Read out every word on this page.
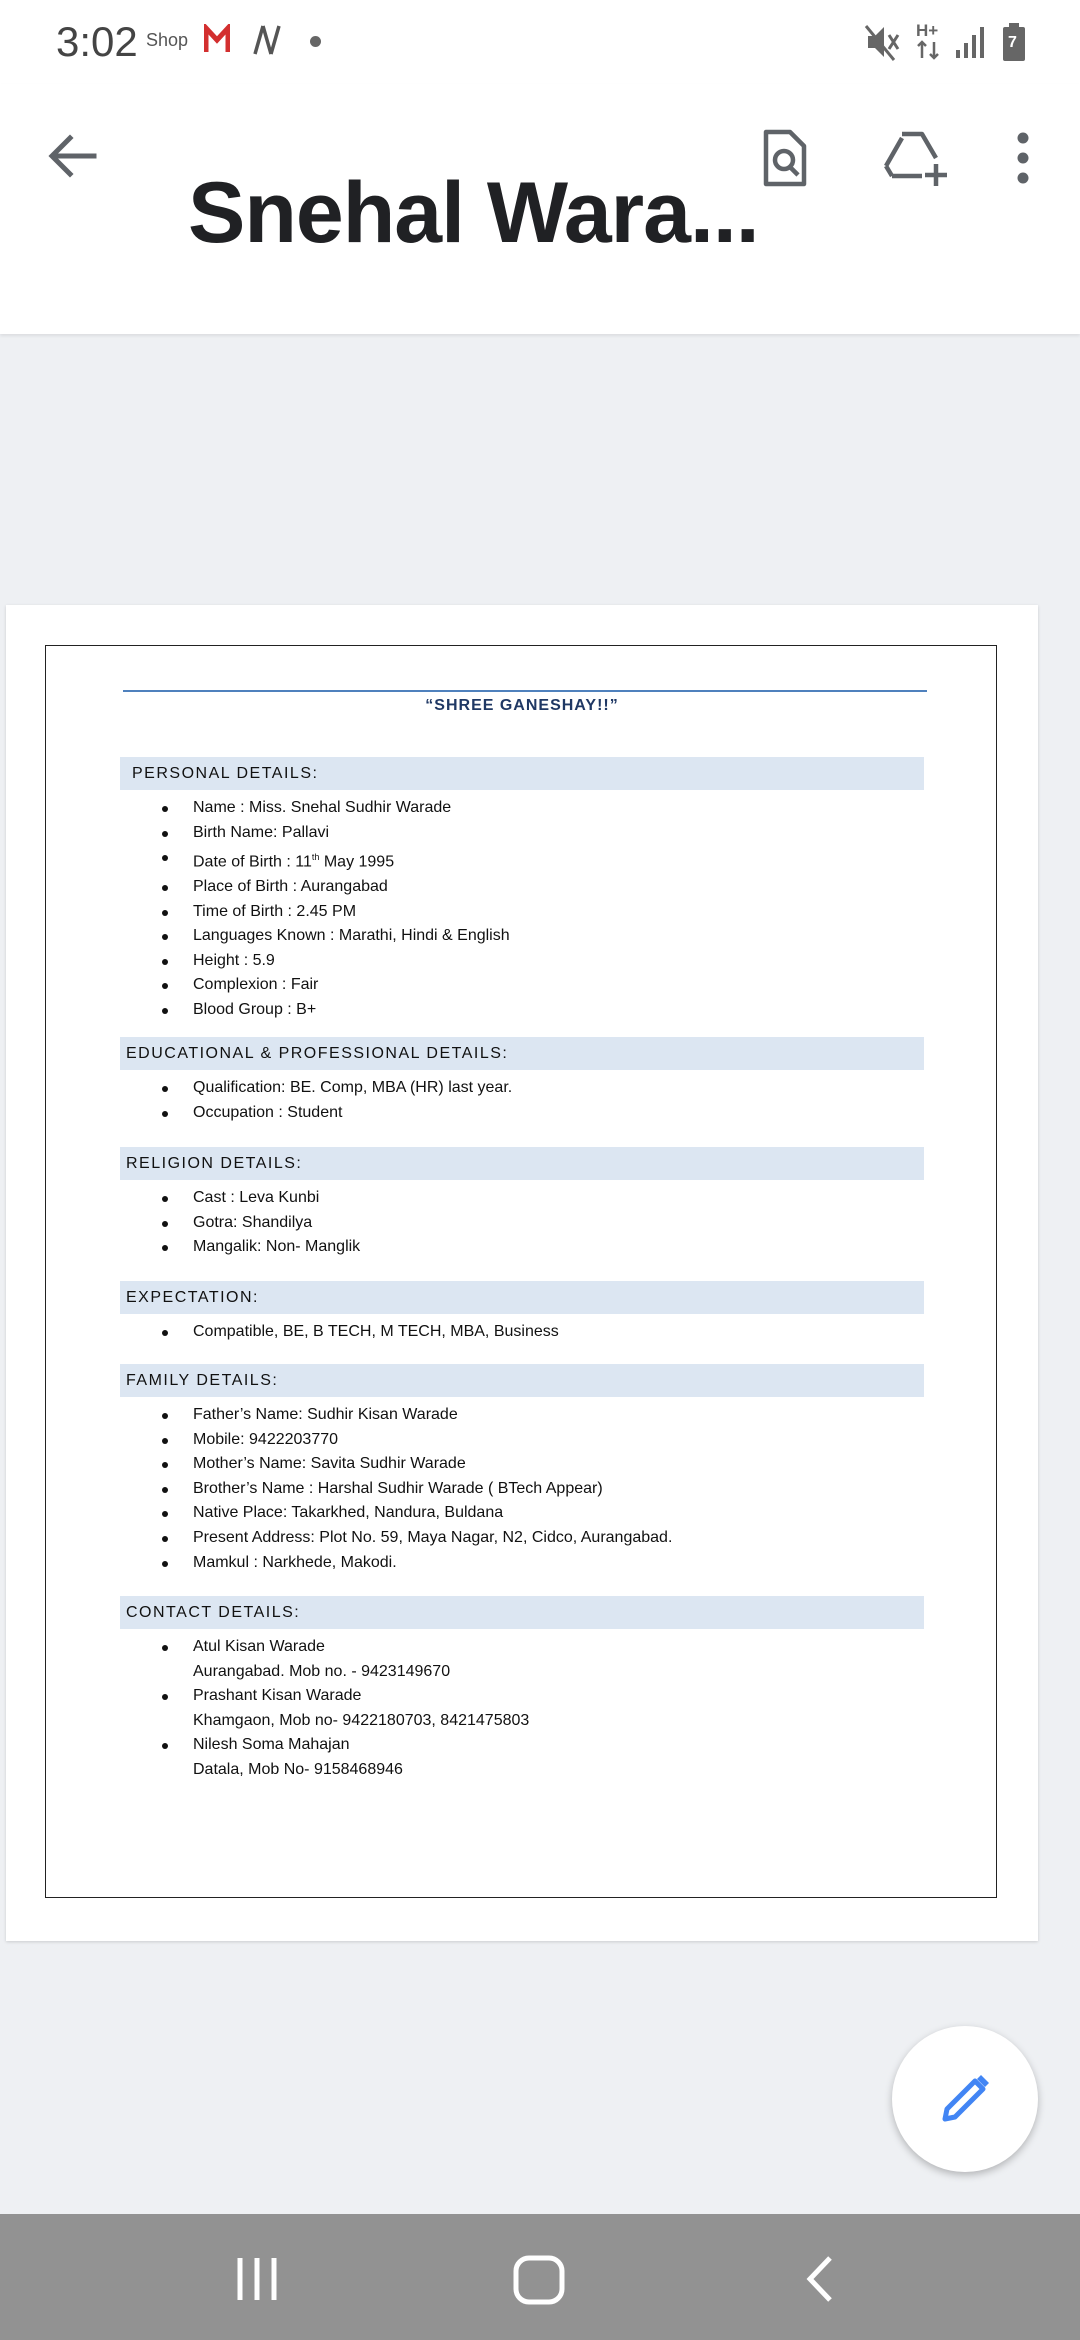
3:02 Shop	H+
7
Snehal Wara...
“SHREE GANESHAY!!”
PERSONAL DETAILS:
Name : Miss. Snehal Sudhir Warade
Birth Name: Pallavi
Date of Birth : 11th May 1995
Place of Birth : Aurangabad
Time of Birth : 2.45 PM
Languages Known : Marathi, Hindi & English
Height : 5.9
Complexion : Fair
Blood Group : B+
EDUCATIONAL & PROFESSIONAL DETAILS:
Qualification: BE. Comp, MBA (HR) last year.
Occupation : Student
RELIGION DETAILS:
Cast : Leva Kunbi
Gotra: Shandilya
Mangalik: Non- Manglik
EXPECTATION:
Compatible, BE, B TECH, M TECH, MBA, Business
FAMILY DETAILS:
Father’s Name: Sudhir Kisan Warade
Mobile: 9422203770
Mother’s Name: Savita Sudhir Warade
Brother’s Name : Harshal Sudhir Warade ( BTech Appear)
Native Place: Takarkhed, Nandura, Buldana
Present Address: Plot No. 59, Maya Nagar, N2, Cidco, Aurangabad.
Mamkul : Narkhede, Makodi.
CONTACT DETAILS:
Atul Kisan Warade
Aurangabad. Mob no. - 9423149670
Prashant Kisan Warade
Khamgaon, Mob no- 9422180703, 8421475803
Nilesh Soma Mahajan
Datala, Mob No- 9158468946
